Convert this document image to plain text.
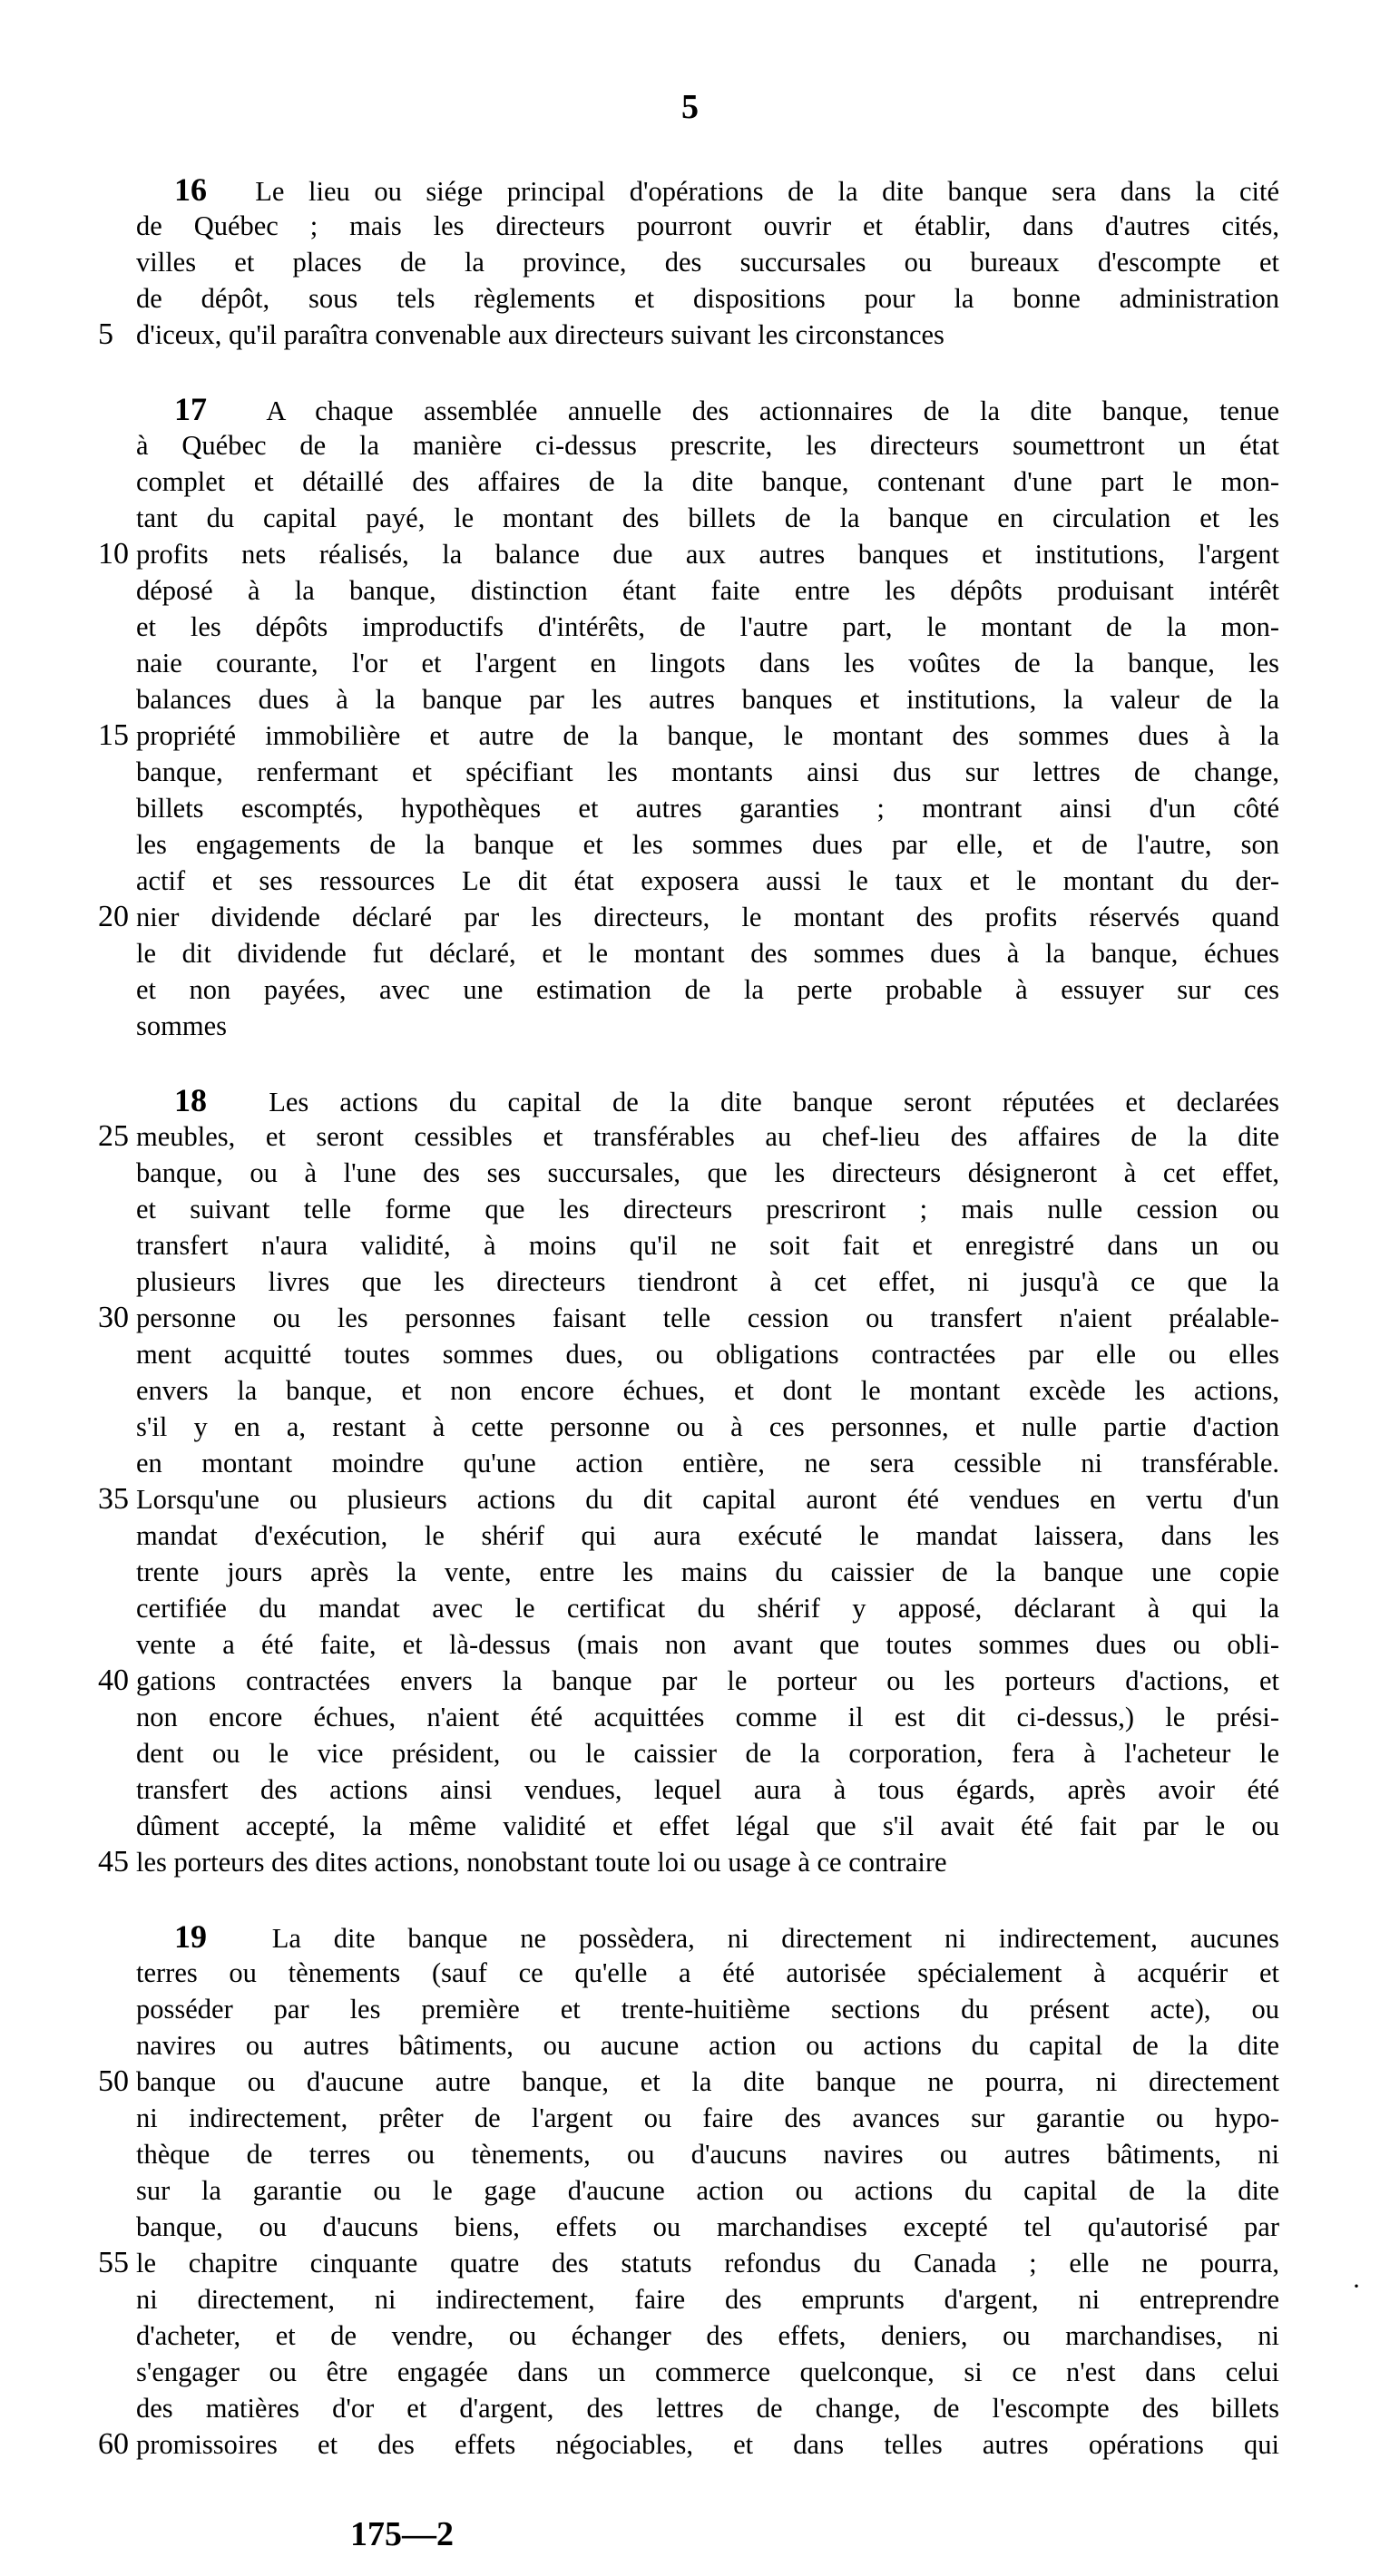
5
16 Le lieu ou siége principal d'opérations de la dite banque sera dans la cité
de Québec ; mais les directeurs pourront ouvrir et établir, dans d'autres cités,
villes et places de la province, des succursales ou bureaux d'escompte et
de dépôt, sous tels règlements et dispositions pour la bonne administration
5 d'iceux, qu'il paraîtra convenable aux directeurs suivant les circonstances
17 A chaque assemblée annuelle des actionnaires de la dite banque, tenue
à Québec de la manière ci-dessus prescrite, les directeurs soumettront un état
complet et détaillé des affaires de la dite banque, contenant d'une part le mon-
tant du capital payé, le montant des billets de la banque en circulation et les
10 profits nets réalisés, la balance due aux autres banques et institutions, l'argent
déposé à la banque, distinction étant faite entre les dépôts produisant intérêt
et les dépôts improductifs d'intérêts, de l'autre part, le montant de la mon-
naie courante, l'or et l'argent en lingots dans les voûtes de la banque, les
balances dues à la banque par les autres banques et institutions, la valeur de la
15 propriété immobilière et autre de la banque, le montant des sommes dues à la
banque, renfermant et spécifiant les montants ainsi dus sur lettres de change,
billets escomptés, hypothèques et autres garanties ; montrant ainsi d'un côté
les engagements de la banque et les sommes dues par elle, et de l'autre, son
actif et ses ressources Le dit état exposera aussi le taux et le montant du der-
20 nier dividende déclaré par les directeurs, le montant des profits réservés quand
le dit dividende fut déclaré, et le montant des sommes dues à la banque, échues
et non payées, avec une estimation de la perte probable à essuyer sur ces
sommes
18 Les actions du capital de la dite banque seront réputées et declarées
25 meubles, et seront cessibles et transférables au chef-lieu des affaires de la dite
banque, ou à l'une des ses succursales, que les directeurs désigneront à cet effet,
et suivant telle forme que les directeurs prescriront ; mais nulle cession ou
transfert n'aura validité, à moins qu'il ne soit fait et enregistré dans un ou
plusieurs livres que les directeurs tiendront à cet effet, ni jusqu'à ce que la
30 personne ou les personnes faisant telle cession ou transfert n'aient préalable-
ment acquitté toutes sommes dues, ou obligations contractées par elle ou elles
envers la banque, et non encore échues, et dont le montant excède les actions,
s'il y en a, restant à cette personne ou à ces personnes, et nulle partie d'action
en montant moindre qu'une action entière, ne sera cessible ni transférable.
35 Lorsqu'une ou plusieurs actions du dit capital auront été vendues en vertu d'un
mandat d'exécution, le shérif qui aura exécuté le mandat laissera, dans les
trente jours après la vente, entre les mains du caissier de la banque une copie
certifiée du mandat avec le certificat du shérif y apposé, déclarant à qui la
vente a été faite, et là-dessus (mais non avant que toutes sommes dues ou obli-
40 gations contractées envers la banque par le porteur ou les porteurs d'actions, et
non encore échues, n'aient été acquittées comme il est dit ci-dessus,) le prési-
dent ou le vice président, ou le caissier de la corporation, fera à l'acheteur le
transfert des actions ainsi vendues, lequel aura à tous égards, après avoir été
dûment accepté, la même validité et effet légal que s'il avait été fait par le ou
45 les porteurs des dites actions, nonobstant toute loi ou usage à ce contraire
19 La dite banque ne possèdera, ni directement ni indirectement, aucunes
terres ou tènements (sauf ce qu'elle a été autorisée spécialement à acquérir et
posséder par les première et trente-huitième sections du présent acte), ou
navires ou autres bâtiments, ou aucune action ou actions du capital de la dite
50 banque ou d'aucune autre banque, et la dite banque ne pourra, ni directement
ni indirectement, prêter de l'argent ou faire des avances sur garantie ou hypo-
thèque de terres ou tènements, ou d'aucuns navires ou autres bâtiments, ni
sur la garantie ou le gage d'aucune action ou actions du capital de la dite
banque, ou d'aucuns biens, effets ou marchandises excepté tel qu'autorisé par
55 le chapitre cinquante quatre des statuts refondus du Canada ; elle ne pourra,
ni directement, ni indirectement, faire des emprunts d'argent, ni entreprendre
d'acheter, et de vendre, ou échanger des effets, deniers, ou marchandises, ni
s'engager ou être engagée dans un commerce quelconque, si ce n'est dans celui
des matières d'or et d'argent, des lettres de change, de l'escompte des billets
60 promissoires et des effets négociables, et dans telles autres opérations qui
·
175—2
